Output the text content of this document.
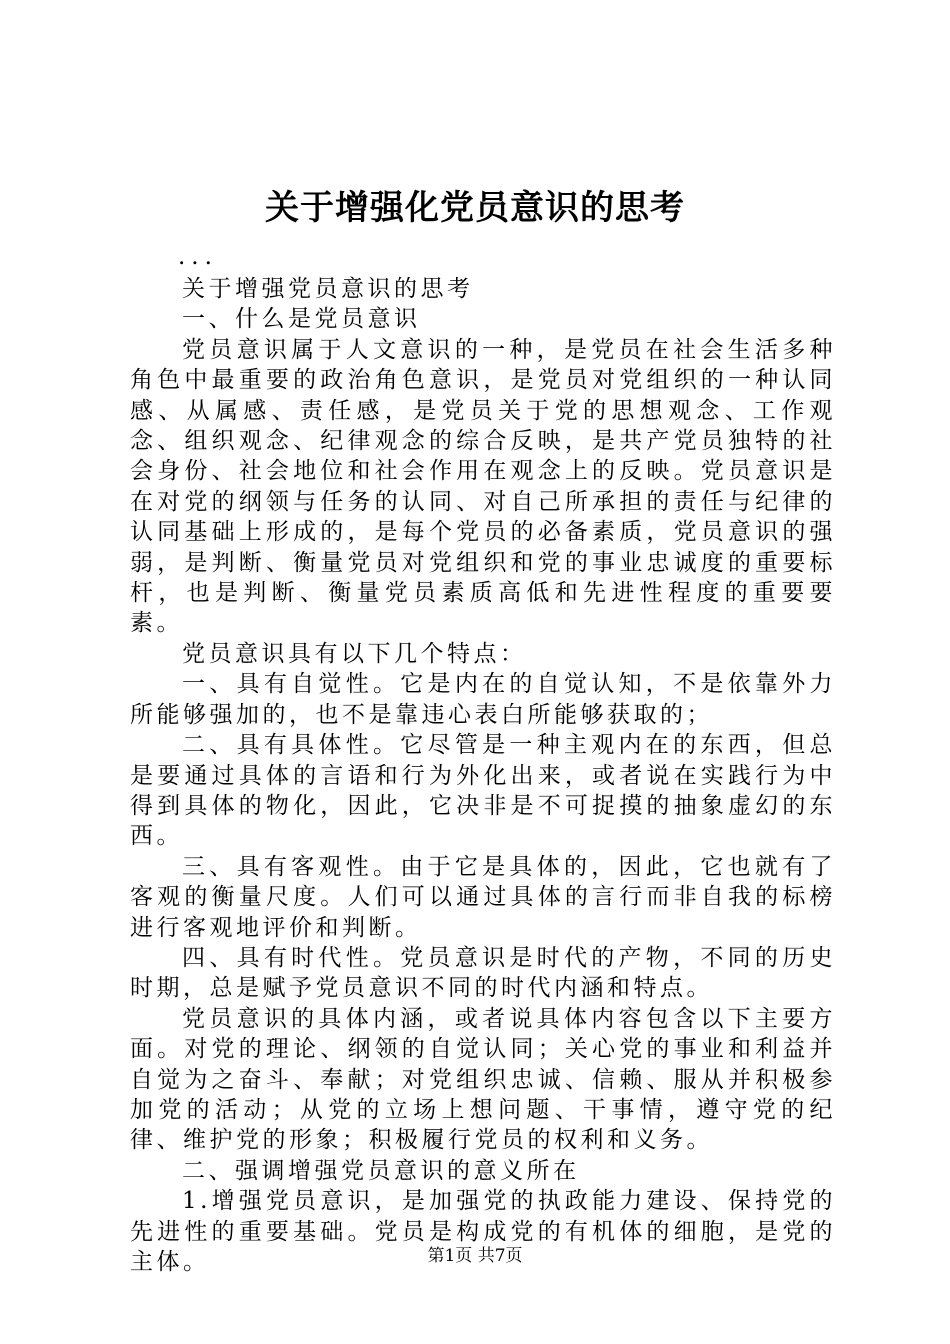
关于增强化党员意识的思考

...

关于增强党员意识的思考

一、什么是党员意识

党员意识属于人文意识的一种，是党员在社会生活多种角色中最重要的政治角色意识，是党员对党组织的一种认同感、从属感、责任感，是党员关于党的思想观念、工作观念、组织观念、纪律观念的综合反映，是共产党员独特的社会身份、社会地位和社会作用在观念上的反映。党员意识是在对党的纲领与任务的认同、对自己所承担的责任与纪律的认同基础上形成的，是每个党员的必备素质，党员意识的强弱，是判断、衡量党员对党组织和党的事业忠诚度的重要标杆，也是判断、衡量党员素质高低和先进性程度的重要要素。

党员意识具有以下几个特点：

一、具有自觉性。它是内在的自觉认知，不是依靠外力所能够强加的，也不是靠违心表白所能够获取的；

二、具有具体性。它尽管是一种主观内在的东西，但总是要通过具体的言语和行为外化出来，或者说在实践行为中得到具体的物化，因此，它决非是不可捉摸的抽象虚幻的东西。

三、具有客观性。由于它是具体的，因此，它也就有了客观的衡量尺度。人们可以通过具体的言行而非自我的标榜进行客观地评价和判断。

四、具有时代性。党员意识是时代的产物，不同的历史时期，总是赋予党员意识不同的时代内涵和特点。

党员意识的具体内涵，或者说具体内容包含以下主要方面。对党的理论、纲领的自觉认同；关心党的事业和利益并自觉为之奋斗、奉献；对党组织忠诚、信赖、服从并积极参加党的活动；从党的立场上想问题、干事情，遵守党的纪律、维护党的形象；积极履行党员的权利和义务。

二、强调增强党员意识的意义所在

1.增强党员意识，是加强党的执政能力建设、保持党的先进性的重要基础。党员是构成党的有机体的细胞，是党的主体。	第1页 共7页
